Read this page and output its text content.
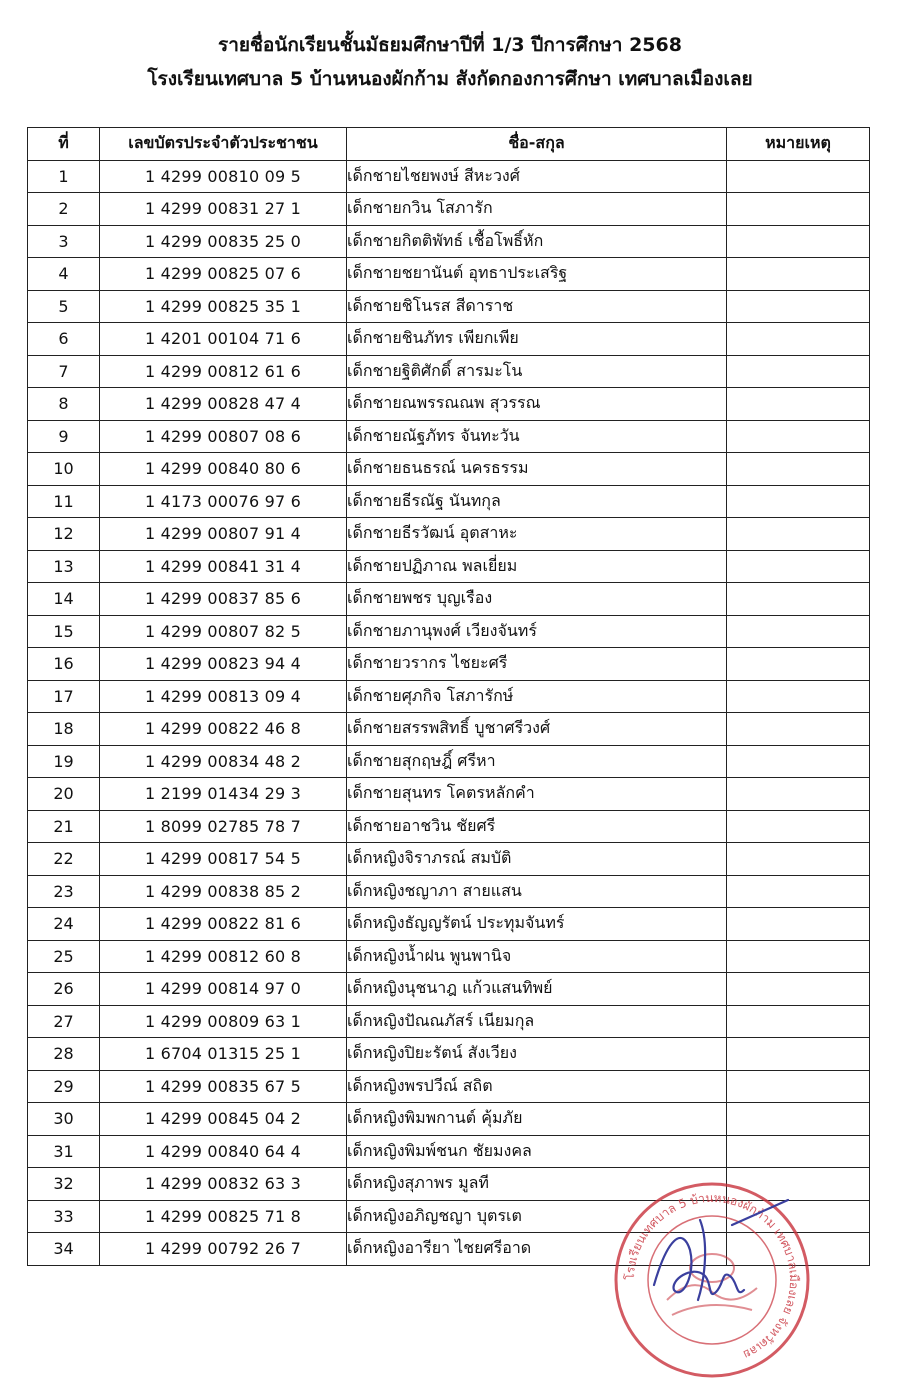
รายชื่อนักเรียนชั้นมัธยมศึกษาปีที่ 1/3 ปีการศึกษา 2568
โรงเรียนเทศบาล 5 บ้านหนองผักก้าม สังกัดกองการศึกษา เทศบาลเมืองเลย
ที่	เลขบัตรประจำตัวประชาชน	ชื่อ-สกุล	หมายเหตุ
1	1 4299 00810 09 5	เด็กชายไชยพงษ์ สีหะวงศ์	
2	1 4299 00831 27 1	เด็กชายกวิน โสภารัก	
3	1 4299 00835 25 0	เด็กชายกิตติพัทธ์ เชื้อโพธิ์หัก	
4	1 4299 00825 07 6	เด็กชายชยานันต์ อุทธาประเสริฐ	
5	1 4299 00825 35 1	เด็กชายชิโนรส สีดาราช	
6	1 4201 00104 71 6	เด็กชายชินภัทร เพียกเพีย	
7	1 4299 00812 61 6	เด็กชายฐิติศักดิ์ สารมะโน	
8	1 4299 00828 47 4	เด็กชายณพรรณณพ สุวรรณ	
9	1 4299 00807 08 6	เด็กชายณัฐภัทร จันทะวัน	
10	1 4299 00840 80 6	เด็กชายธนธรณ์ นครธรรม	
11	1 4173 00076 97 6	เด็กชายธีรณัฐ นันทกุล	
12	1 4299 00807 91 4	เด็กชายธีรวัฒน์ อุตสาหะ	
13	1 4299 00841 31 4	เด็กชายปฏิภาณ พลเยี่ยม	
14	1 4299 00837 85 6	เด็กชายพชร บุญเรือง	
15	1 4299 00807 82 5	เด็กชายภานุพงศ์ เวียงจันทร์	
16	1 4299 00823 94 4	เด็กชายวรากร ไชยะศรี	
17	1 4299 00813 09 4	เด็กชายศุภกิจ โสภารักษ์	
18	1 4299 00822 46 8	เด็กชายสรรพสิทธิ์ บูชาศรีวงศ์	
19	1 4299 00834 48 2	เด็กชายสุกฤษฎิ์ ศรีหา	
20	1 2199 01434 29 3	เด็กชายสุนทร โคตรหลักคำ	
21	1 8099 02785 78 7	เด็กชายอาชวิน ชัยศรี	
22	1 4299 00817 54 5	เด็กหญิงจิราภรณ์ สมบัติ	
23	1 4299 00838 85 2	เด็กหญิงชญาภา สายแสน	
24	1 4299 00822 81 6	เด็กหญิงธัญญรัตน์ ประทุมจันทร์	
25	1 4299 00812 60 8	เด็กหญิงน้ำฝน พูนพานิจ	
26	1 4299 00814 97 0	เด็กหญิงนุชนาฎ แก้วแสนทิพย์	
27	1 4299 00809 63 1	เด็กหญิงปัณณภัสร์ เนียมกุล	
28	1 6704 01315 25 1	เด็กหญิงปิยะรัตน์ สังเวียง	
29	1 4299 00835 67 5	เด็กหญิงพรปวีณ์ สถิต	
30	1 4299 00845 04 2	เด็กหญิงพิมพกานต์ คุ้มภัย	
31	1 4299 00840 64 4	เด็กหญิงพิมพ์ชนก ชัยมงคล	
32	1 4299 00832 63 3	เด็กหญิงสุภาพร มูลที	
33	1 4299 00825 71 8	เด็กหญิงอภิญชญา บุตรเต	
34	1 4299 00792 26 7	เด็กหญิงอารียา ไชยศรีอาด	
โรงเรียนเทศบาล 5 บ้านหนองผักก้าม เทศบาลเมืองเลย จังหวัดเลย
